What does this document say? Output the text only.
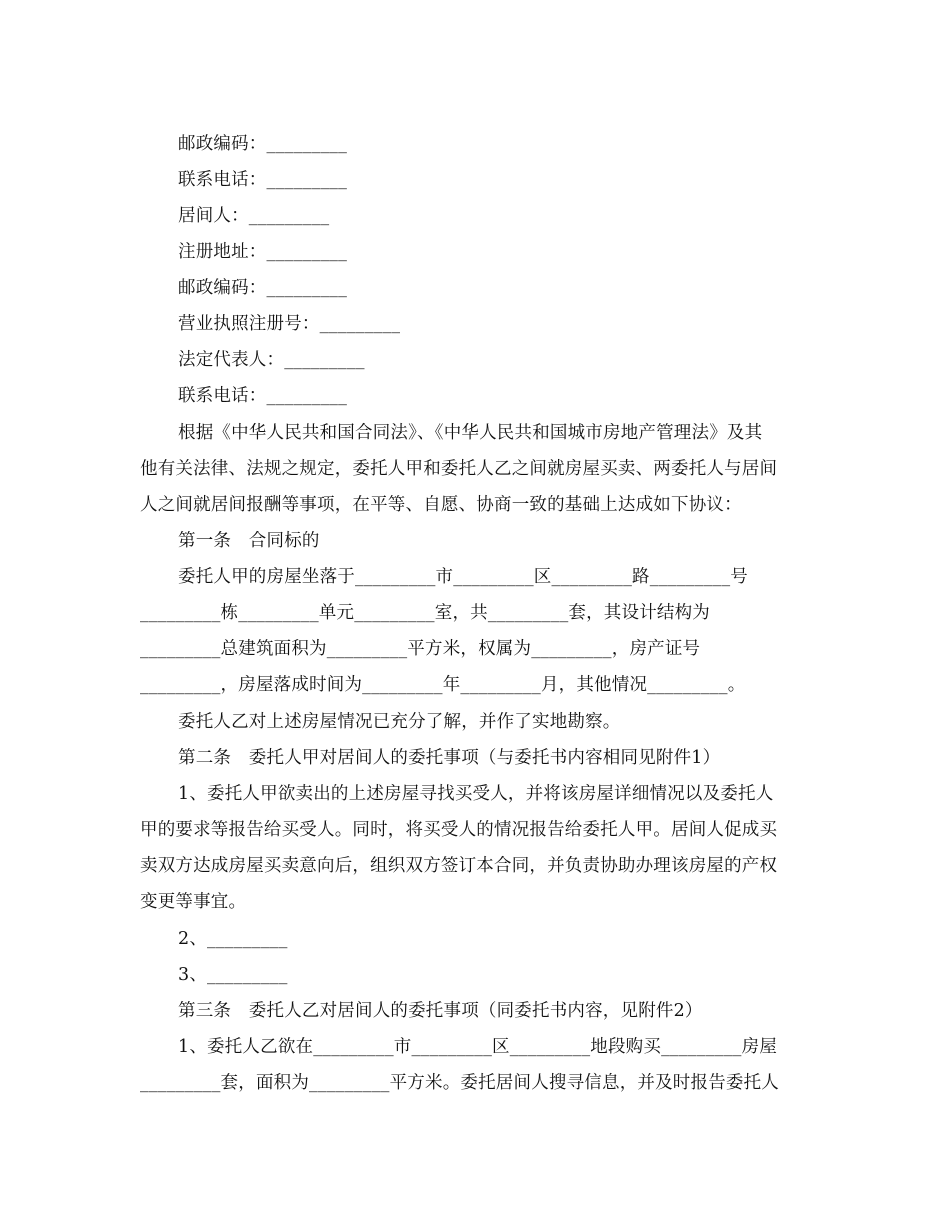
邮政编码：_________
联系电话：_________
居间人：_________
注册地址：_________
邮政编码：_________
营业执照注册号：_________
法定代表人：_________
联系电话：_________
根据《中华人民共和国合同法》、《中华人民共和国城市房地产管理法》及其
他有关法律、法规之规定，委托人甲和委托人乙之间就房屋买卖、两委托人与居间
人之间就居间报酬等事项，在平等、自愿、协商一致的基础上达成如下协议：
第一条　合同标的
委托人甲的房屋坐落于_________市_________区_________路_________号
_________栋_________单元_________室，共_________套，其设计结构为
_________总建筑面积为_________平方米，权属为_________，房产证号
_________，房屋落成时间为_________年_________月，其他情况_________。
委托人乙对上述房屋情况已充分了解，并作了实地勘察。
第二条　委托人甲对居间人的委托事项（与委托书内容相同见附件1）
1、委托人甲欲卖出的上述房屋寻找买受人，并将该房屋详细情况以及委托人
甲的要求等报告给买受人。同时，将买受人的情况报告给委托人甲。居间人促成买
卖双方达成房屋买卖意向后，组织双方签订本合同，并负责协助办理该房屋的产权
变更等事宜。
2、_________
3、_________
第三条　委托人乙对居间人的委托事项（同委托书内容，见附件2）
1、委托人乙欲在_________市_________区_________地段购买_________房屋
_________套，面积为_________平方米。委托居间人搜寻信息，并及时报告委托人
